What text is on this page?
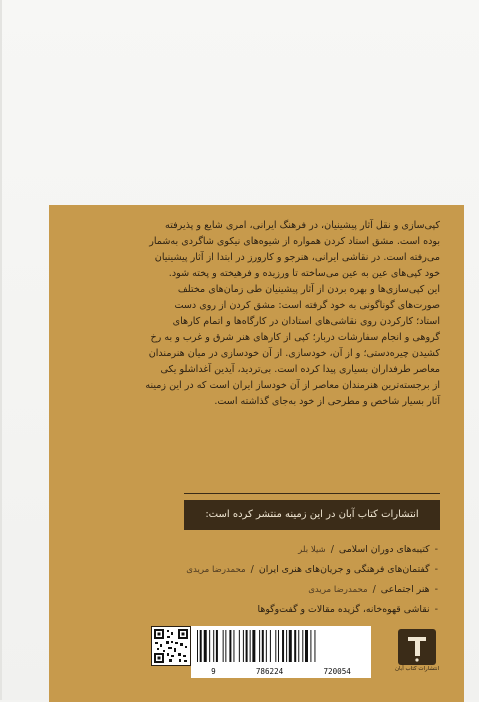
کپی‌سازی و نقل آثار پیشینیان، در فرهنگ ایرانی، امری شایع و پذیرفته

بوده است. مشق استاد کردن همواره از شیوه‌های نیکوی شاگردی به‌شمار

می‌رفته است. در نقاشی ایرانی، هنرجو و کارورز در ابتدا از آثار پیشینیان

خود کپی‌های عین به عین می‌ساخته تا ورزیده و فرهیخته و پخته شود.

این کپی‌سازی‌ها و بهره بردن از آثار پیشینیان طی زمان‌های مختلف

صورت‌های گوناگونی به خود گرفته است: مشق کردن از روی دست

استاد؛ کارکردن روی نقاشی‌های استادان در کارگاه‌ها و اتمام کارهای

گروهی و انجام سفارشات دربار؛ کپی از کارهای هنر شرق و غرب و به رخ

کشیدن چیره‌دستی؛ و از آن، خودسازی. از آن خودسازی در میان هنرمندان

معاصر طرفداران بسیاری پیدا کرده است. بی‌تردید، آیدین آغداشلو یکی

از برجسته‌ترین هنرمندان معاصر از آن خودساز ایران است که در این زمینه

آثار بسیار شاخص و مطرحی از خود به‌جای گذاشته است.

انتشارات کتاب آبان در این زمینه منتشر کرده است:
-
کتیبه‌های دوران اسلامی
/
شیلا بلر
-
گفتمان‌های فرهنگی و جریان‌های هنری ایران
/
محمدرضا مریدی
-
هنر اجتماعی
/
محمدرضا مریدی
-
نقاشی قهوه‌خانه، گزیده مقالات و گفت‌وگوها
9	786224	720054	انتشارات کتاب آبان
